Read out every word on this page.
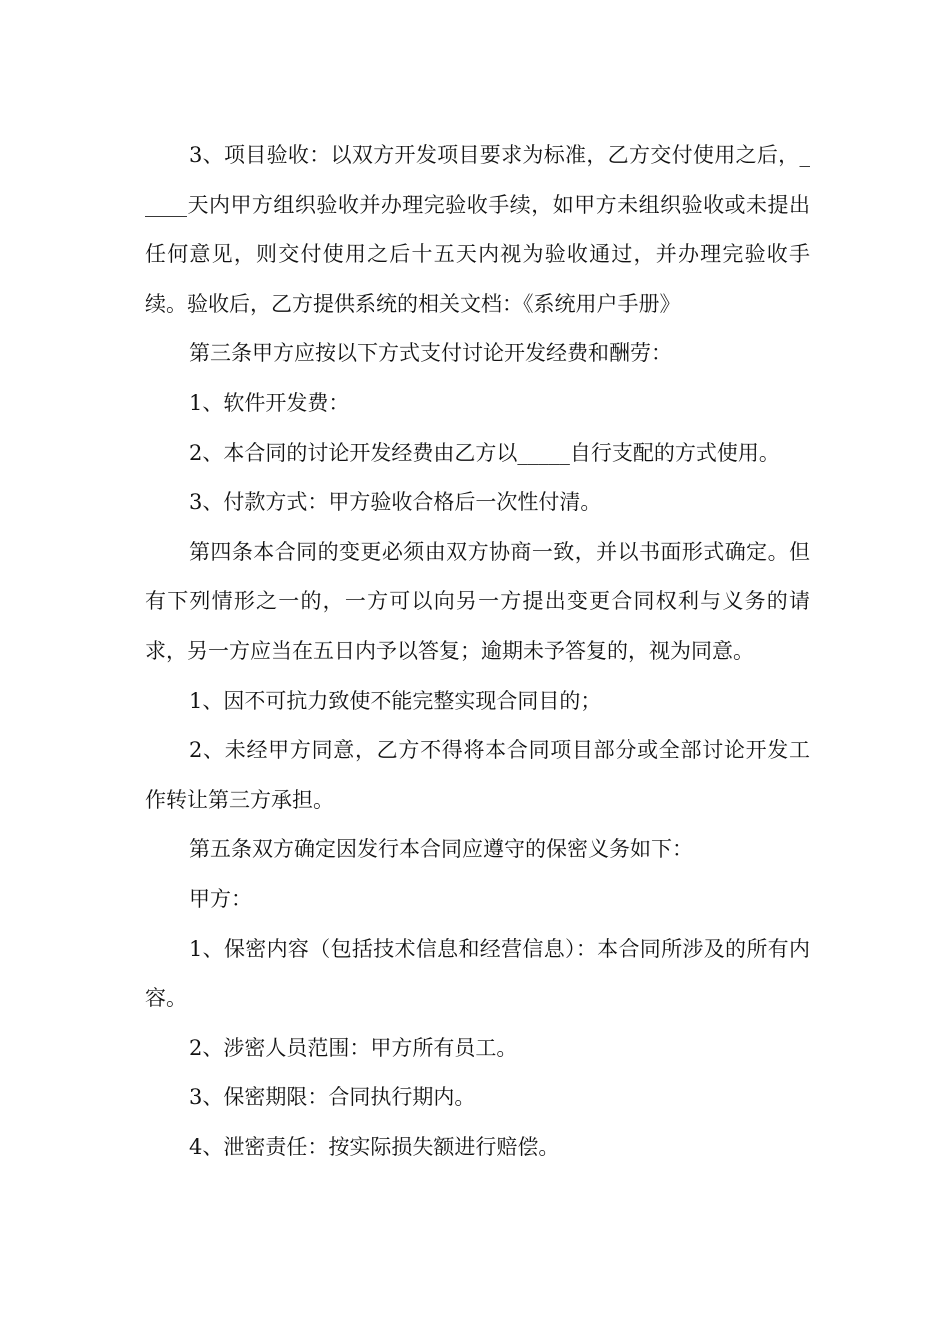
3、项目验收：以双方开发项目要求为标准，乙方交付使用之后，_____天内甲方组织验收并办理完验收手续，如甲方未组织验收或未提出任何意见，则交付使用之后十五天内视为验收通过，并办理完验收手续。验收后，乙方提供系统的相关文档：《系统用户手册》

第三条甲方应按以下方式支付讨论开发经费和酬劳：

1、软件开发费：

2、本合同的讨论开发经费由乙方以_____自行支配的方式使用。

3、付款方式：甲方验收合格后一次性付清。

第四条本合同的变更必须由双方协商一致，并以书面形式确定。但有下列情形之一的，一方可以向另一方提出变更合同权利与义务的请求，另一方应当在五日内予以答复；逾期未予答复的，视为同意。

1、因不可抗力致使不能完整实现合同目的；

2、未经甲方同意，乙方不得将本合同项目部分或全部讨论开发工作转让第三方承担。

第五条双方确定因发行本合同应遵守的保密义务如下：

甲方：

1、保密内容（包括技术信息和经营信息）：本合同所涉及的所有内容。

2、涉密人员范围：甲方所有员工。

3、保密期限：合同执行期内。

4、泄密责任：按实际损失额进行赔偿。
